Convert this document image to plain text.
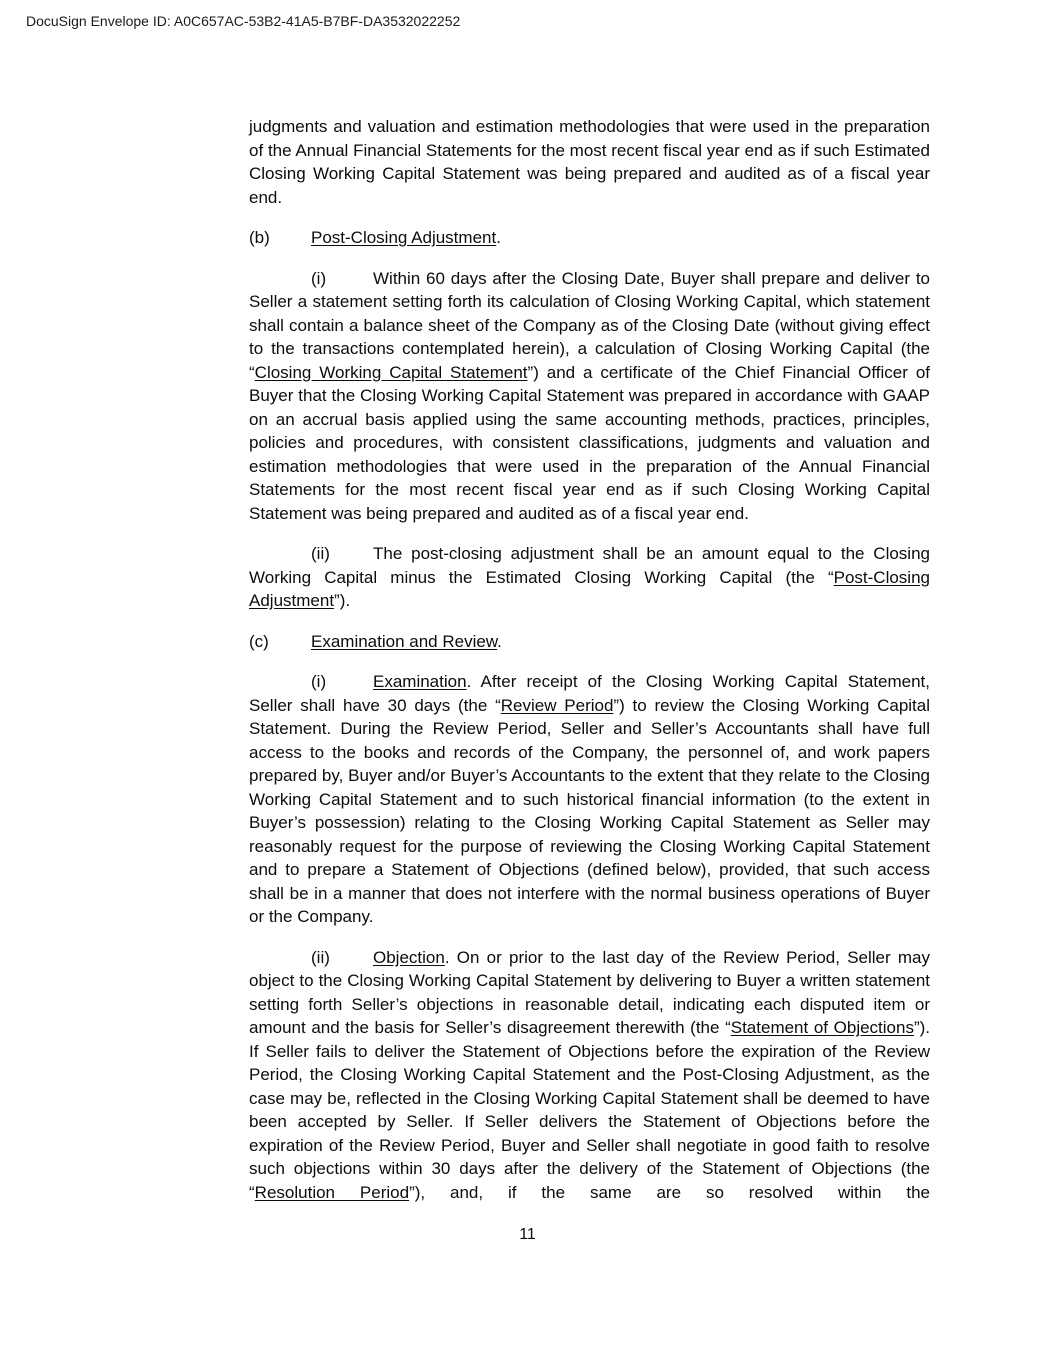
DocuSign Envelope ID: A0C657AC-53B2-41A5-B7BF-DA3532022252

judgments and valuation and estimation methodologies that were used in the preparation of the Annual Financial Statements for the most recent fiscal year end as if such Estimated Closing Working Capital Statement was being prepared and audited as of a fiscal year end.

(b) Post-Closing Adjustment.

(i)	Within 60 days after the Closing Date, Buyer shall prepare and deliver to Seller a statement setting forth its calculation of Closing Working Capital, which statement shall contain a balance sheet of the Company as of the Closing Date (without giving effect to the transactions contemplated herein), a calculation of Closing Working Capital (the “Closing Working Capital Statement”) and a certificate of the Chief Financial Officer of Buyer that the Closing Working Capital Statement was prepared in accordance with GAAP on an accrual basis applied using the same accounting methods, practices, principles, policies and procedures, with consistent classifications, judgments and valuation and estimation methodologies that were used in the preparation of the Annual Financial Statements for the most recent fiscal year end as if such Closing Working Capital Statement was being prepared and audited as of a fiscal year end.

(ii)	The post-closing adjustment shall be an amount equal to the Closing Working Capital minus the Estimated Closing Working Capital (the “Post-Closing Adjustment”).

(c) Examination and Review.

(i)	Examination. After receipt of the Closing Working Capital Statement, Seller shall have 30 days (the “Review Period”) to review the Closing Working Capital Statement. During the Review Period, Seller and Seller’s Accountants shall have full access to the books and records of the Company, the personnel of, and work papers prepared by, Buyer and/or Buyer’s Accountants to the extent that they relate to the Closing Working Capital Statement and to such historical financial information (to the extent in Buyer’s possession) relating to the Closing Working Capital Statement as Seller may reasonably request for the purpose of reviewing the Closing Working Capital Statement and to prepare a Statement of Objections (defined below), provided, that such access shall be in a manner that does not interfere with the normal business operations of Buyer or the Company.

(ii)	Objection. On or prior to the last day of the Review Period, Seller may object to the Closing Working Capital Statement by delivering to Buyer a written statement setting forth Seller’s objections in reasonable detail, indicating each disputed item or amount and the basis for Seller’s disagreement therewith (the “Statement of Objections”). If Seller fails to deliver the Statement of Objections before the expiration of the Review Period, the Closing Working Capital Statement and the Post-Closing Adjustment, as the case may be, reflected in the Closing Working Capital Statement shall be deemed to have been accepted by Seller. If Seller delivers the Statement of Objections before the expiration of the Review Period, Buyer and Seller shall negotiate in good faith to resolve such objections within 30 days after the delivery of the Statement of Objections (the “Resolution Period”), and, if the same are so resolved within the

11
